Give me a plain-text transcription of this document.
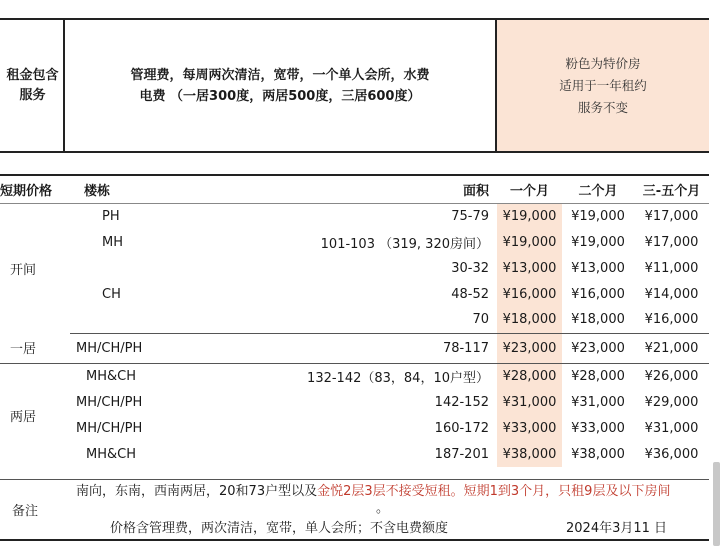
租金包含
服务
管理费，每周两次清洁，宽带，一个单人会所，水费
电费 （一居300度，两居500度，三居600度）
粉色为特价房
适用于一年租约
服务不变
短期价格	楼栋	面积	一个月	二个月	三-五个月
开间	PH	75-79	¥19,000	¥19,000	¥17,000
	MH	101-103 （319, 320房间）	¥19,000	¥19,000	¥17,000
		30-32	¥13,000	¥13,000	¥11,000
	CH	48-52	¥16,000	¥16,000	¥14,000
		70	¥18,000	¥18,000	¥16,000
一居	MH/CH/PH	78-117	¥23,000	¥23,000	¥21,000
两居	MH&CH	132-142（83，84，10户型）	¥28,000	¥28,000	¥26,000
	MH/CH/PH	142-152	¥31,000	¥31,000	¥29,000
	MH/CH/PH	160-172	¥33,000	¥33,000	¥31,000
	MH&CH	187-201	¥38,000	¥38,000	¥36,000
备注
南向，东南，西南两居，20和73户型以及金悦2层3层不接受短租。短期1到3个月，只租9层及以下房间
。
价格含管理费，两次清洁，宽带，单人会所；不含电费额度	2024年3月11 日
